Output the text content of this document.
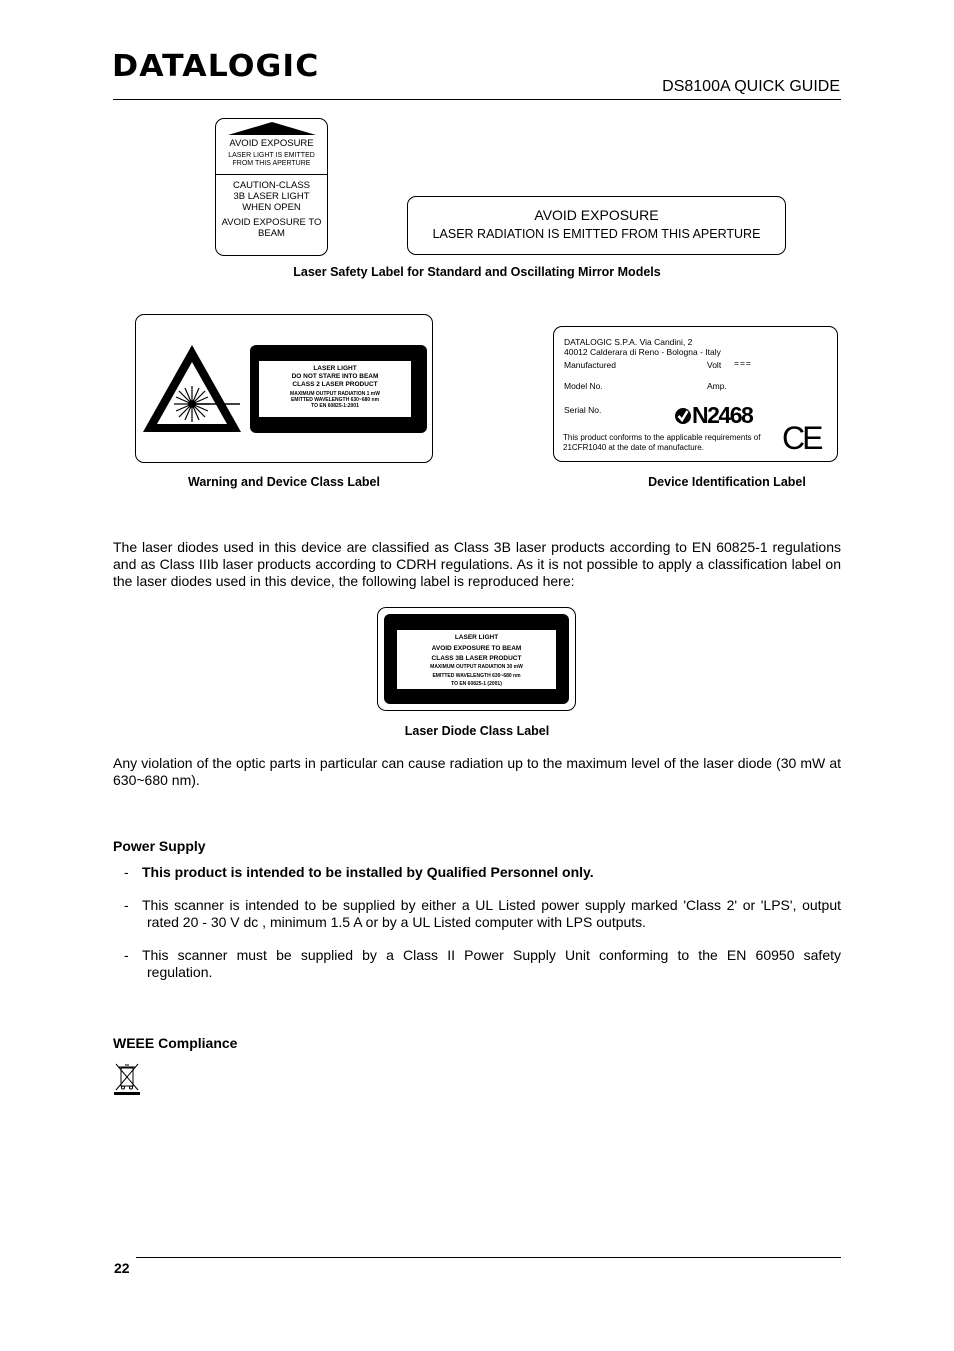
DATALOGIC
DS8100A QUICK GUIDE
AVOID EXPOSURE
LASER LIGHT IS EMITTED FROM THIS APERTURE
CAUTION-CLASS 3B LASER LIGHT WHEN OPEN
AVOID EXPOSURE TO BEAM
AVOID EXPOSURE
LASER RADIATION IS EMITTED FROM THIS APERTURE
Laser Safety Label for Standard and Oscillating Mirror Models
LASER LIGHT
DO NOT STARE INTO BEAM
CLASS 2 LASER PRODUCT
MAXIMUM OUTPUT RADIATION 1 mW
EMITTED WAVELENGTH 630~680 nm
TO EN 60825-1:2001
DATALOGIC S.P.A. Via Candini, 2
40012 Calderara di Reno - Bologna - Italy
Manufactured	Volt ===
Model No.	Amp.
Serial No.	N2468
This product conforms to the applicable requirements of 21CFR1040 at the date of manufacture.	CE
Warning and Device Class Label	Device Identification Label
The laser diodes used in this device are classified as Class 3B laser products according to EN 60825-1 regulations and as Class IIIb laser products according to CDRH regulations. As it is not possible to apply a classification label on the laser diodes used in this device, the following label is reproduced here:
LASER LIGHT
AVOID EXPOSURE TO BEAM
CLASS 3B LASER PRODUCT
MAXIMUM OUTPUT RADIATION 30 mW
EMITTED WAVELENGTH 630~680 nm
TO EN 60825-1 (2001)
Laser Diode Class Label
Any violation of the optic parts in particular can cause radiation up to the maximum level of the laser diode (30 mW at 630~680 nm).
Power Supply
- This product is intended to be installed by Qualified Personnel only.
- This scanner is intended to be supplied by either a UL Listed power supply marked 'Class 2' or 'LPS', output
rated 20 - 30 V dc , minimum 1.5 A or by a UL Listed computer with LPS outputs.
- This scanner must be supplied by a Class II Power Supply Unit conforming to the EN 60950 safety
regulation.
WEEE Compliance
22
